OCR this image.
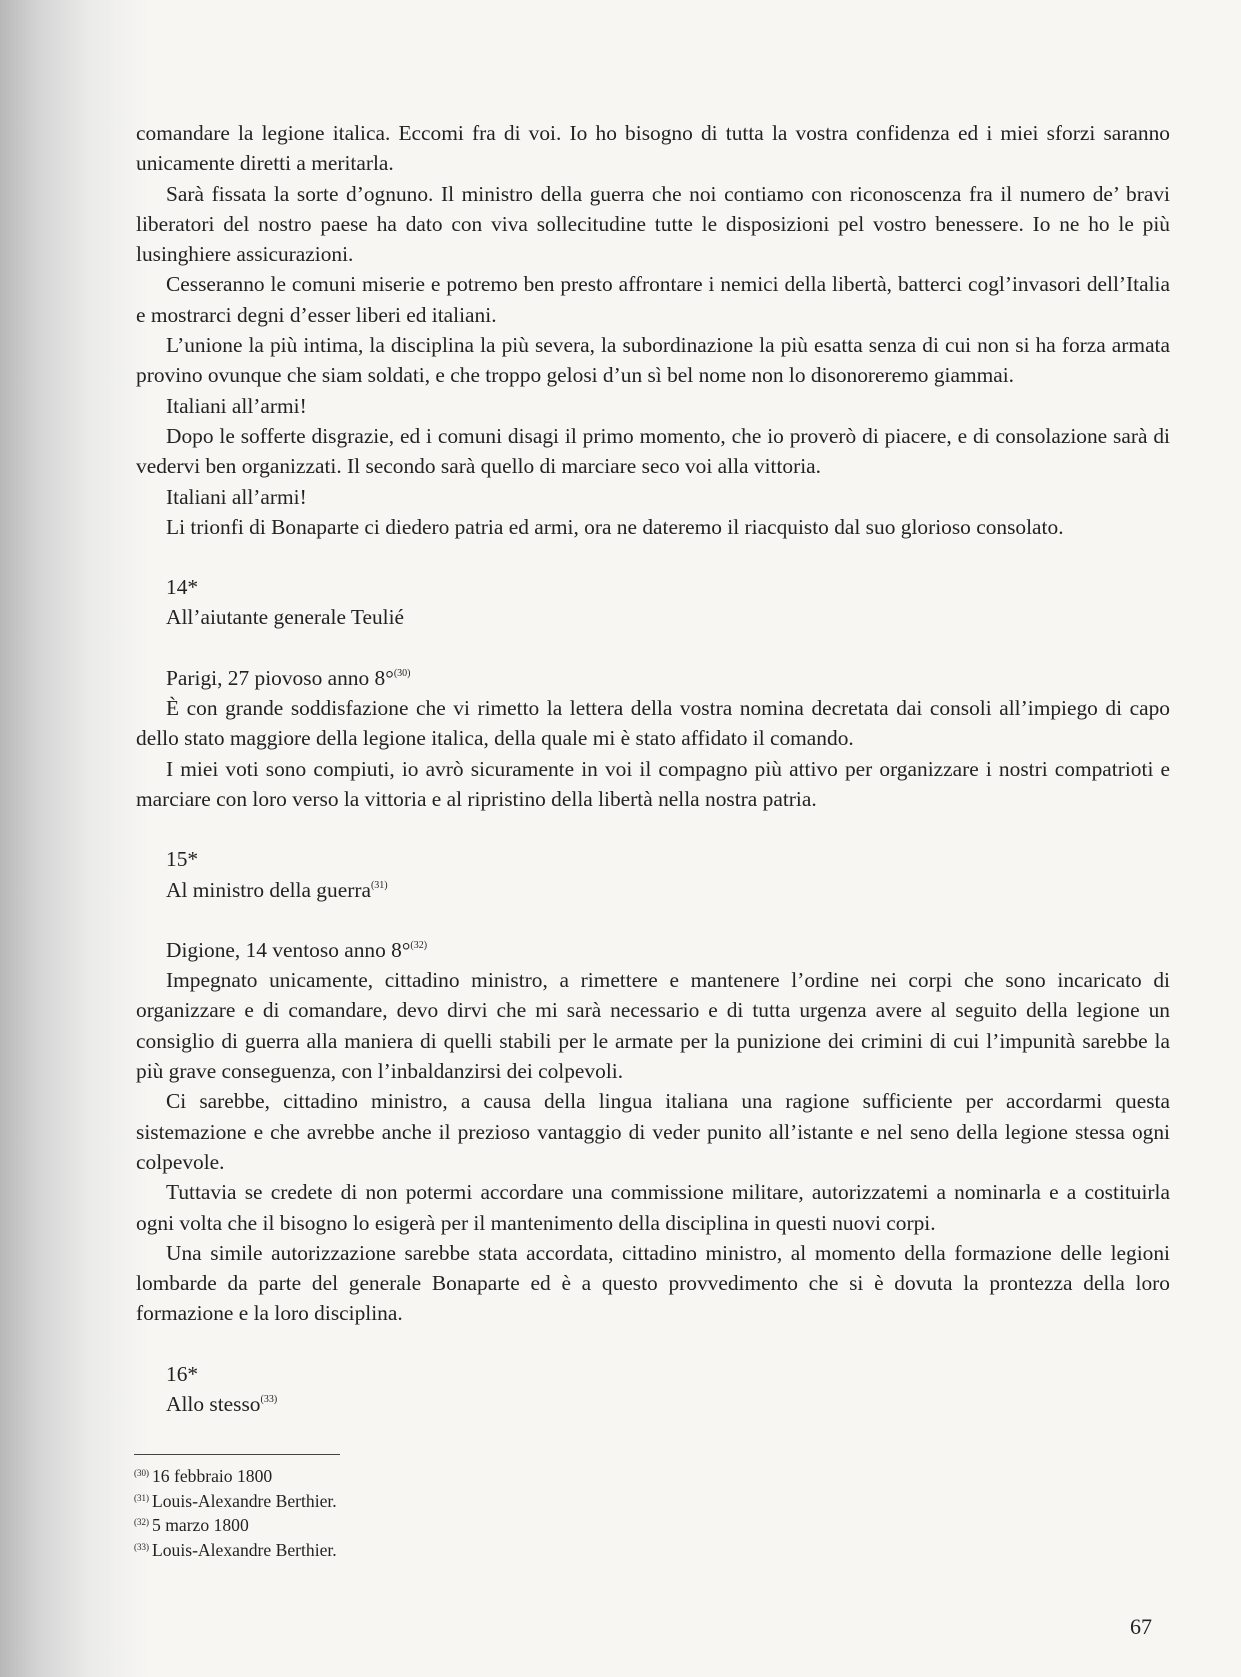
comandare la legione italica. Eccomi fra di voi. Io ho bisogno di tutta la vostra confidenza ed i miei sforzi saranno unicamente diretti a meritarla.

Sarà fissata la sorte d’ognuno. Il ministro della guerra che noi contiamo con riconoscenza fra il numero de’ bravi liberatori del nostro paese ha dato con viva sollecitudine tutte le disposizioni pel vostro benessere. Io ne ho le più lusinghiere assicurazioni.

Cesseranno le comuni miserie e potremo ben presto affrontare i nemici della libertà, batterci cogl’invasori dell’Italia e mostrarci degni d’esser liberi ed italiani.

L’unione la più intima, la disciplina la più severa, la subordinazione la più esatta senza di cui non si ha forza armata provino ovunque che siam soldati, e che troppo gelosi d’un sì bel nome non lo disonoreremo giammai.

Italiani all’armi!

Dopo le sofferte disgrazie, ed i comuni disagi il primo momento, che io proverò di piacere, e di consolazione sarà di vedervi ben organizzati. Il secondo sarà quello di marciare seco voi alla vittoria.

Italiani all’armi!

Li trionfi di Bonaparte ci diedero patria ed armi, ora ne dateremo il riacquisto dal suo glorioso consolato.

14*

All’aiutante generale Teulié

Parigi, 27 piovoso anno 8°$^{(30)}$

È con grande soddisfazione che vi rimetto la lettera della vostra nomina decretata dai consoli all’impiego di capo dello stato maggiore della legione italica, della quale mi è stato affidato il comando.

I miei voti sono compiuti, io avrò sicuramente in voi il compagno più attivo per organizzare i nostri compatrioti e marciare con loro verso la vittoria e al ripristino della libertà nella nostra patria.

15*

Al ministro della guerra$^{(31)}$

Digione, 14 ventoso anno 8°$^{(32)}$

Impegnato unicamente, cittadino ministro, a rimettere e mantenere l’ordine nei corpi che sono incaricato di organizzare e di comandare, devo dirvi che mi sarà necessario e di tutta urgenza avere al seguito della legione un consiglio di guerra alla maniera di quelli stabili per le armate per la punizione dei crimini di cui l’impunità sarebbe la più grave conseguenza, con l’inbaldanzirsi dei colpevoli.

Ci sarebbe, cittadino ministro, a causa della lingua italiana una ragione sufficiente per accordarmi questa sistemazione e che avrebbe anche il prezioso vantaggio di veder punito all’istante e nel seno della legione stessa ogni colpevole.

Tuttavia se credete di non potermi accordare una commissione militare, autorizzatemi a nominarla e a costituirla ogni volta che il bisogno lo esigerà per il mantenimento della disciplina in questi nuovi corpi.

Una simile autorizzazione sarebbe stata accordata, cittadino ministro, al momento della formazione delle legioni lombarde da parte del generale Bonaparte ed è a questo provvedimento che si è dovuta la prontezza della loro formazione e la loro disciplina.

16*

Allo stesso$^{(33)}$

$^{(30)}$ 16 febbraio 1800
$^{(31)}$ Louis-Alexandre Berthier.
$^{(32)}$ 5 marzo 1800
$^{(33)}$ Louis-Alexandre Berthier.
67
